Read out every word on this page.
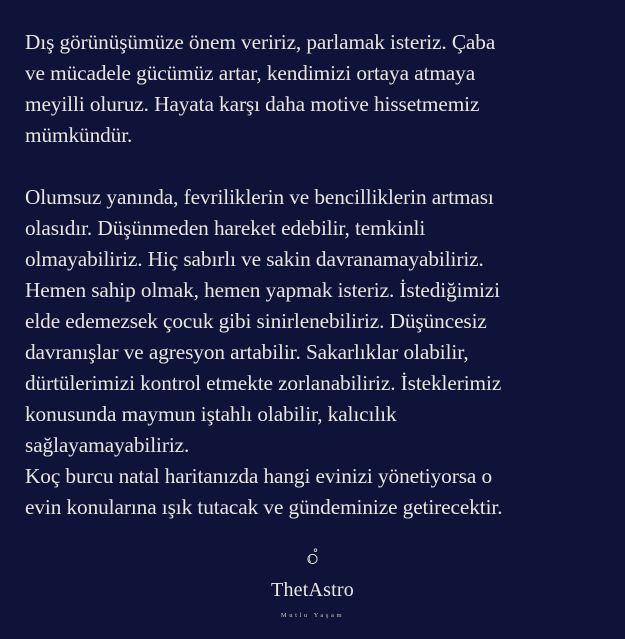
Dış görünüşümüze önem veririz, parlamak isteriz. Çaba
ve mücadele gücümüz artar, kendimizi ortaya atmaya
meyilli oluruz. Hayata karşı daha motive hissetmemiz
mümkündür.

Olumsuz yanında, fevriliklerin ve bencilliklerin artması
olasıdır. Düşünmeden hareket edebilir, temkinli
olmayabiliriz. Hiç sabırlı ve sakin davranamayabiliriz.
Hemen sahip olmak, hemen yapmak isteriz. İstediğimizi
elde edemezsek çocuk gibi sinirlenebiliriz. Düşüncesiz
davranışlar ve agresyon artabilir. Sakarlıklar olabilir,
dürtülerimizi kontrol etmekte zorlanabiliriz. İsteklerimiz
konusunda maymun iştahlı olabilir, kalıcılık
sağlayamayabiliriz.

Koç burcu natal haritanızda hangi evinizi yönetiyorsa o
evin konularına ışık tutacak ve gündeminize getirecektir.

ThetAstro
Mutlu Yaşam
